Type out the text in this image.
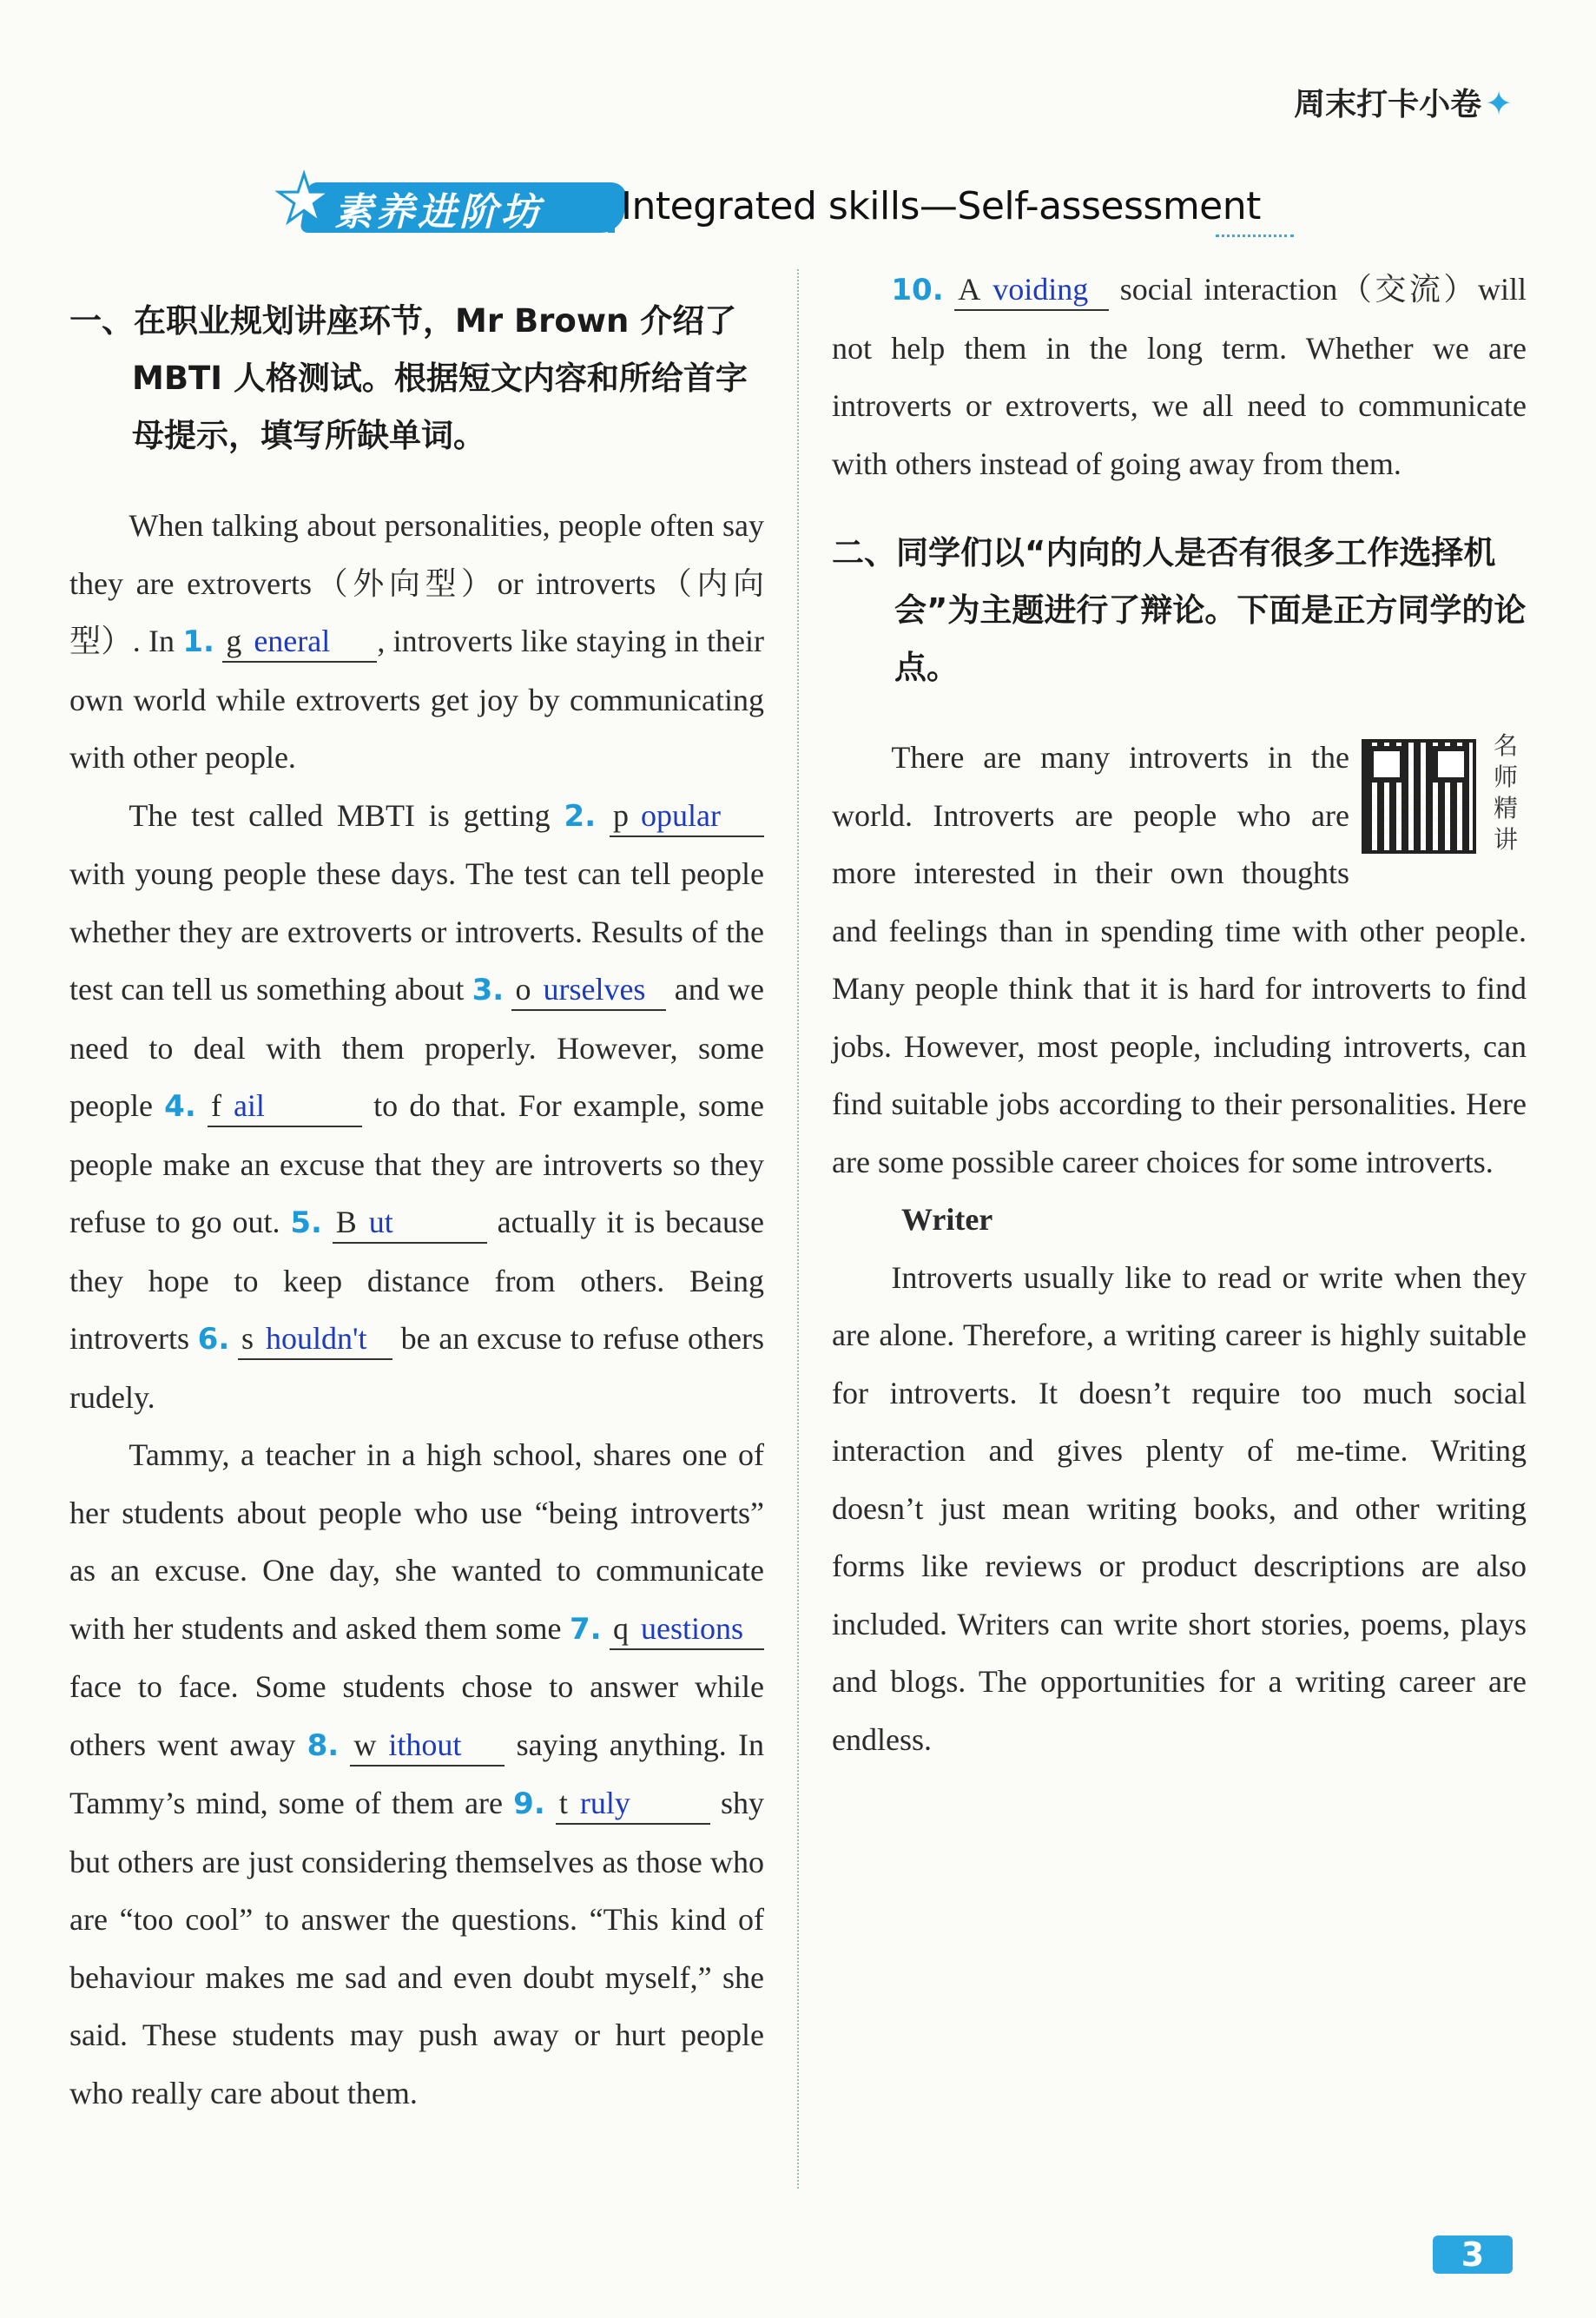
周末打卡小卷 ✦
★ 素养进阶坊 Integrated skills—Self-assessment

一、在职业规划讲座环节，Mr Brown 介绍了 MBTI 人格测试。根据短文内容和所给首字母提示，填写所缺单词。

When talking about personalities, people often say they are extroverts（外向型）or introverts（内向型）. In 1. g eneral , introverts like staying in their own world while extroverts get joy by communicating with other people.

The test called MBTI is getting 2. p opular with young people these days. The test can tell people whether they are extroverts or introverts. Results of the test can tell us something about 3. o urselves and we need to deal with them properly. However, some people 4. f ail	to do that. For example, some people make an excuse that they are introverts so they refuse to go out. 5. B ut	actually it is because they hope to keep distance from others. Being introverts 6. s houldn't be an excuse to refuse others rudely.

Tammy, a teacher in a high school, shares one of her students about people who use “being introverts” as an excuse. One day, she wanted to communicate with her students and asked them some 7. q uestions face to face. Some students chose to answer while others went away 8. w ithout saying anything. In Tammy’s mind, some of them are 9. t ruly	shy but others are just considering themselves as those who are “too cool” to answer the questions. “This kind of behaviour makes me sad and even doubt myself,” she said. These students may push away or hurt people who really care about them.

10. A voiding social interaction（交流）will not help them in the long term. Whether we are introverts or extroverts, we all need to communicate with others instead of going away from them.

二、同学们以“内向的人是否有很多工作选择机会”为主题进行了辩论。下面是正方同学的论点。

名师精讲

There are many introverts in the world. Introverts are people who are more interested in their own thoughts and feelings than in spending time with other people. Many people think that it is hard for introverts to find jobs. However, most people, including introverts, can find suitable jobs according to their personalities. Here are some possible career choices for some introverts.

Writer

Introverts usually like to read or write when they are alone. Therefore, a writing career is highly suitable for introverts. It doesn’t require too much social interaction and gives plenty of me-time. Writing doesn’t just mean writing books, and other writing forms like reviews or product descriptions are also included. Writers can write short stories, poems, plays and blogs. The opportunities for a writing career are endless.

3
